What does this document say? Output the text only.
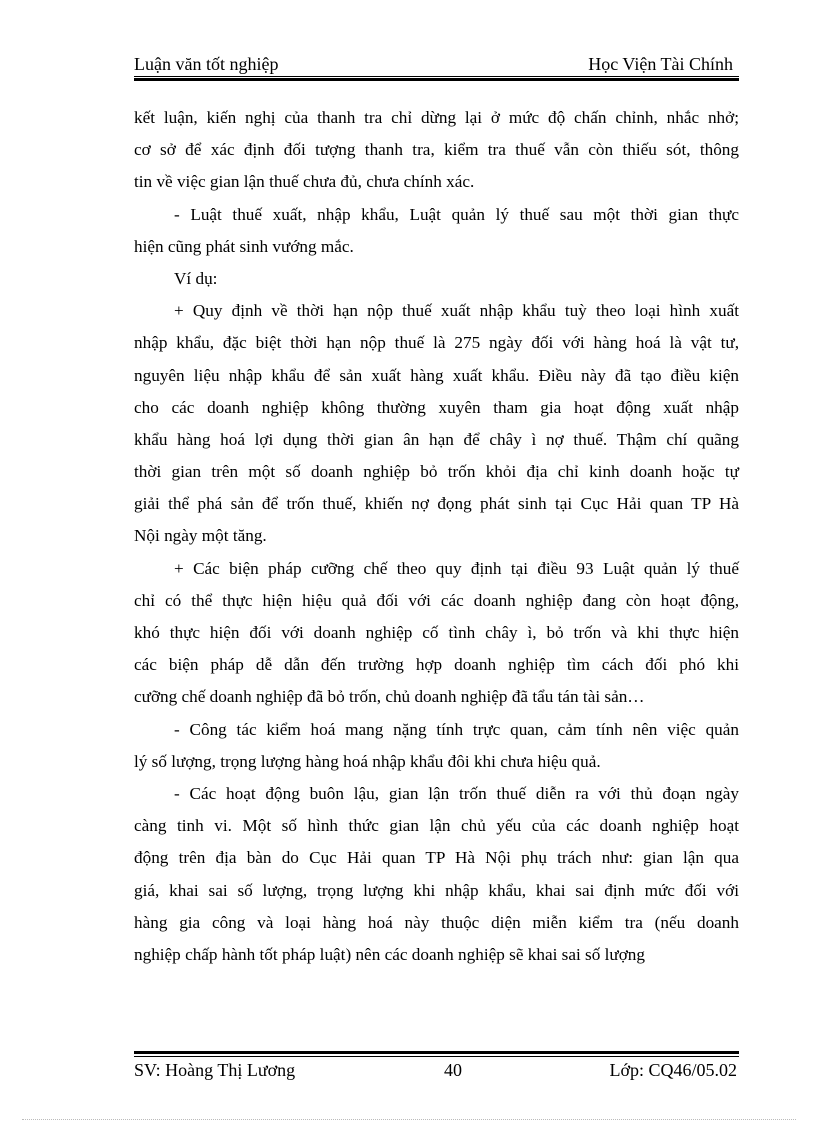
Luận văn tốt nghiệp	Học Viện Tài Chính
kết luận, kiến nghị của thanh tra chỉ dừng lại ở mức độ chấn chỉnh, nhắc nhở;
cơ sở để xác định đối tượng thanh tra, kiểm tra thuế vẫn còn thiếu sót, thông
tin về việc gian lận thuế chưa đủ, chưa chính xác.
- Luật thuế xuất, nhập khẩu, Luật quản lý thuế sau một thời gian thực
hiện cũng phát sinh vướng mắc.
Ví dụ:
+ Quy định về thời hạn nộp thuế xuất nhập khẩu tuỳ theo loại hình xuất
nhập khẩu, đặc biệt thời hạn nộp thuế là 275 ngày đối với hàng hoá là vật tư,
nguyên liệu nhập khẩu để sản xuất hàng xuất khẩu. Điều này đã tạo điều kiện
cho các doanh nghiệp không thường xuyên tham gia hoạt động xuất nhập
khẩu hàng hoá lợi dụng thời gian ân hạn để chây ì nợ thuế. Thậm chí quãng
thời gian trên một số doanh nghiệp bỏ trốn khỏi địa chỉ kinh doanh hoặc tự
giải thể phá sản để trốn thuế, khiến nợ đọng phát sinh tại Cục Hải quan TP Hà
Nội ngày một tăng.
+ Các biện pháp cưỡng chế theo quy định tại điều 93 Luật quản lý thuế
chỉ có thể thực hiện hiệu quả đối với các doanh nghiệp đang còn hoạt động,
khó thực hiện đối với doanh nghiệp cố tình chây ì, bỏ trốn và khi thực hiện
các biện pháp dễ dẫn đến trường hợp doanh nghiệp tìm cách đối phó khi
cưỡng chế doanh nghiệp đã bỏ trốn, chủ doanh nghiệp đã tẩu tán tài sản…
- Công tác kiểm hoá mang nặng tính trực quan, cảm tính nên việc quản
lý số lượng, trọng lượng hàng hoá nhập khẩu đôi khi chưa hiệu quả.
- Các hoạt động buôn lậu, gian lận trốn thuế diễn ra với thủ đoạn ngày
càng tinh vi. Một số hình thức gian lận chủ yếu của các doanh nghiệp hoạt
động trên địa bàn do Cục Hải quan TP Hà Nội phụ trách như: gian lận qua
giá, khai sai số lượng, trọng lượng khi nhập khẩu, khai sai định mức đối với
hàng gia công và loại hàng hoá này thuộc diện miễn kiểm tra (nếu doanh
nghiệp chấp hành tốt pháp luật) nên các doanh nghiệp sẽ khai sai số lượng
SV: Hoàng Thị Lương	40	Lớp: CQ46/05.02
